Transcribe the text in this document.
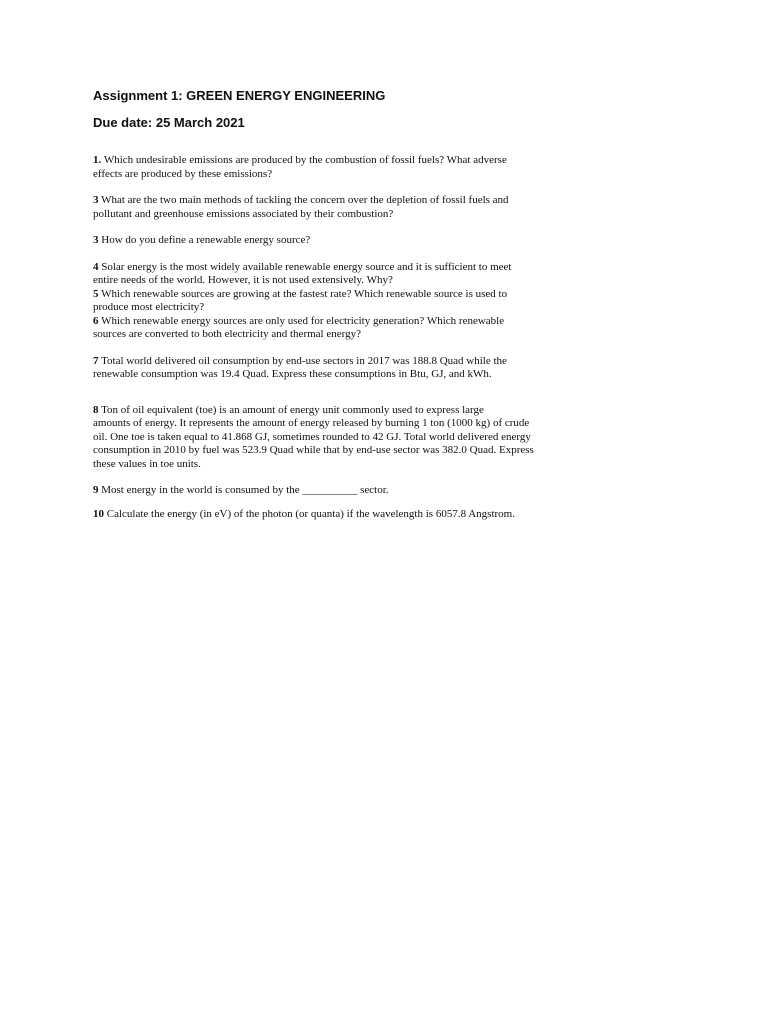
Assignment 1: GREEN ENERGY ENGINEERING

Due date: 25 March 2021

1. Which undesirable emissions are produced by the combustion of fossil fuels? What adverse
effects are produced by these emissions?

3 What are the two main methods of tackling the concern over the depletion of fossil fuels and
pollutant and greenhouse emissions associated by their combustion?

3 How do you define a renewable energy source?

4 Solar energy is the most widely available renewable energy source and it is sufficient to meet
entire needs of the world. However, it is not used extensively. Why?

5 Which renewable sources are growing at the fastest rate? Which renewable source is used to
produce most electricity?

6 Which renewable energy sources are only used for electricity generation? Which renewable
sources are converted to both electricity and thermal energy?

7 Total world delivered oil consumption by end-use sectors in 2017 was 188.8 Quad while the
renewable consumption was 19.4 Quad. Express these consumptions in Btu, GJ, and kWh.

8 Ton of oil equivalent (toe) is an amount of energy unit commonly used to express large
amounts of energy. It represents the amount of energy released by burning 1 ton (1000 kg) of crude
oil. One toe is taken equal to 41.868 GJ, sometimes rounded to 42 GJ. Total world delivered energy
consumption in 2010 by fuel was 523.9 Quad while that by end-use sector was 382.0 Quad. Express
these values in toe units.

9 Most energy in the world is consumed by the __________ sector.

10 Calculate the energy (in eV) of the photon (or quanta) if the wavelength is 6057.8 Angstrom.
